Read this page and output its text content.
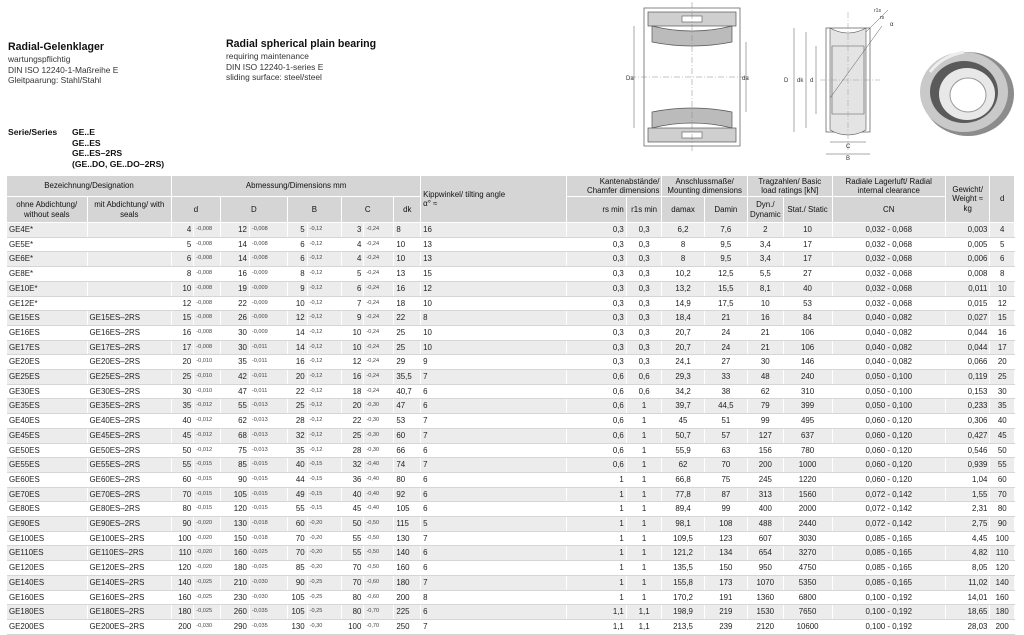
Radial-Gelenklager
wartungspflichtig
DIN ISO 12240-1-Maßreihe E
Gleitpaarung: Stahl/Stahl
Radial spherical plain bearing
requiring maintenance
DIN ISO 12240-1-series E
sliding surface: steel/steel
Serie/Series GE..E
GE..ES
GE..ES–2RS
(GE..DO, GE..DO–2RS)
Da	da
r1s
rs
α
D dk d
C
B
Bezeichnung/Designation		Abmessung/Dimensions mm									Kippwinkel/ tilting angle
α° ≈	Kantenabstände/ Chamfer dimensions		Anschlussmaße/ Mounting dimensions		Tragzahlen/ Basic load ratings [kN]		Radiale Lagerluft/ Radial internal clearance	Gewicht/ Weight ≈ kg	d
ohne Abdichtung/ without seals	mit Abdichtung/ with seals	d		D		B		C		dk		rs min	r1s min	damax	Damin	Dyn./ Dynamic	Stat./ Static	CN		
GE4E*		4	-0,008	12	-0,008	5	-0,12	3	-0,24	8	16	0,3	0,3	6,2	7,6	2	10	0,032 - 0,068	0,003	4
GE5E*		5	-0,008	14	-0,008	6	-0,12	4	-0,24	10	13	0,3	0,3	8	9,5	3,4	17	0,032 - 0,068	0,005	5
GE6E*		6	-0,008	14	-0,008	6	-0,12	4	-0,24	10	13	0,3	0,3	8	9,5	3,4	17	0,032 - 0,068	0,006	6
GE8E*		8	-0,008	16	-0,009	8	-0,12	5	-0,24	13	15	0,3	0,3	10,2	12,5	5,5	27	0,032 - 0,068	0,008	8
GE10E*		10	-0,008	19	-0,009	9	-0,12	6	-0,24	16	12	0,3	0,3	13,2	15,5	8,1	40	0,032 - 0,068	0,011	10
GE12E*		12	-0,008	22	-0,009	10	-0,12	7	-0,24	18	10	0,3	0,3	14,9	17,5	10	53	0,032 - 0,068	0,015	12
GE15ES	GE15ES–2RS	15	-0,008	26	-0,009	12	-0,12	9	-0,24	22	8	0,3	0,3	18,4	21	16	84	0,040 - 0,082	0,027	15
GE16ES	GE16ES–2RS	16	-0,008	30	-0,009	14	-0,12	10	-0,24	25	10	0,3	0,3	20,7	24	21	106	0,040 - 0,082	0,044	16
GE17ES	GE17ES–2RS	17	-0,008	30	-0,011	14	-0,12	10	-0,24	25	10	0,3	0,3	20,7	24	21	106	0,040 - 0,082	0,044	17
GE20ES	GE20ES–2RS	20	-0,010	35	-0,011	16	-0,12	12	-0,24	29	9	0,3	0,3	24,1	27	30	146	0,040 - 0,082	0,066	20
GE25ES	GE25ES–2RS	25	-0,010	42	-0,011	20	-0,12	16	-0,24	35,5	7	0,6	0,6	29,3	33	48	240	0,050 - 0,100	0,119	25
GE30ES	GE30ES–2RS	30	-0,010	47	-0,011	22	-0,12	18	-0,24	40,7	6	0,6	0,6	34,2	38	62	310	0,050 - 0,100	0,153	30
GE35ES	GE35ES–2RS	35	-0,012	55	-0,013	25	-0,12	20	-0,30	47	6	0,6	1	39,7	44,5	79	399	0,050 - 0,100	0,233	35
GE40ES	GE40ES–2RS	40	-0,012	62	-0,013	28	-0,12	22	-0,30	53	7	0,6	1	45	51	99	495	0,060 - 0,120	0,306	40
GE45ES	GE45ES–2RS	45	-0,012	68	-0,013	32	-0,12	25	-0,30	60	7	0,6	1	50,7	57	127	637	0,060 - 0,120	0,427	45
GE50ES	GE50ES–2RS	50	-0,012	75	-0,013	35	-0,12	28	-0,30	66	6	0,6	1	55,9	63	156	780	0,060 - 0,120	0,546	50
GE55ES	GE55ES–2RS	55	-0,015	85	-0,015	40	-0,15	32	-0,40	74	7	0,6	1	62	70	200	1000	0,060 - 0,120	0,939	55
GE60ES	GE60ES–2RS	60	-0,015	90	-0,015	44	-0,15	36	-0,40	80	6	1	1	66,8	75	245	1220	0,060 - 0,120	1,04	60
GE70ES	GE70ES–2RS	70	-0,015	105	-0,015	49	-0,15	40	-0,40	92	6	1	1	77,8	87	313	1560	0,072 - 0,142	1,55	70
GE80ES	GE80ES–2RS	80	-0,015	120	-0,015	55	-0,15	45	-0,40	105	6	1	1	89,4	99	400	2000	0,072 - 0,142	2,31	80
GE90ES	GE90ES–2RS	90	-0,020	130	-0,018	60	-0,20	50	-0,50	115	5	1	1	98,1	108	488	2440	0,072 - 0,142	2,75	90
GE100ES	GE100ES–2RS	100	-0,020	150	-0,018	70	-0,20	55	-0,50	130	7	1	1	109,5	123	607	3030	0,085 - 0,165	4,45	100
GE110ES	GE110ES–2RS	110	-0,020	160	-0,025	70	-0,20	55	-0,50	140	6	1	1	121,2	134	654	3270	0,085 - 0,165	4,82	110
GE120ES	GE120ES–2RS	120	-0,020	180	-0,025	85	-0,20	70	-0,50	160	6	1	1	135,5	150	950	4750	0,085 - 0,165	8,05	120
GE140ES	GE140ES–2RS	140	-0,025	210	-0,030	90	-0,25	70	-0,60	180	7	1	1	155,8	173	1070	5350	0,085 - 0,165	11,02	140
GE160ES	GE160ES–2RS	160	-0,025	230	-0,030	105	-0,25	80	-0,60	200	8	1	1	170,2	191	1360	6800	0,100 - 0,192	14,01	160
GE180ES	GE180ES–2RS	180	-0,025	260	-0,035	105	-0,25	80	-0,70	225	6	1,1	1,1	198,9	219	1530	7650	0,100 - 0,192	18,65	180
GE200ES	GE200ES–2RS	200	-0,030	290	-0,035	130	-0,30	100	-0,70	250	7	1,1	1,1	213,5	239	2120	10600	0,100 - 0,192	28,03	200
